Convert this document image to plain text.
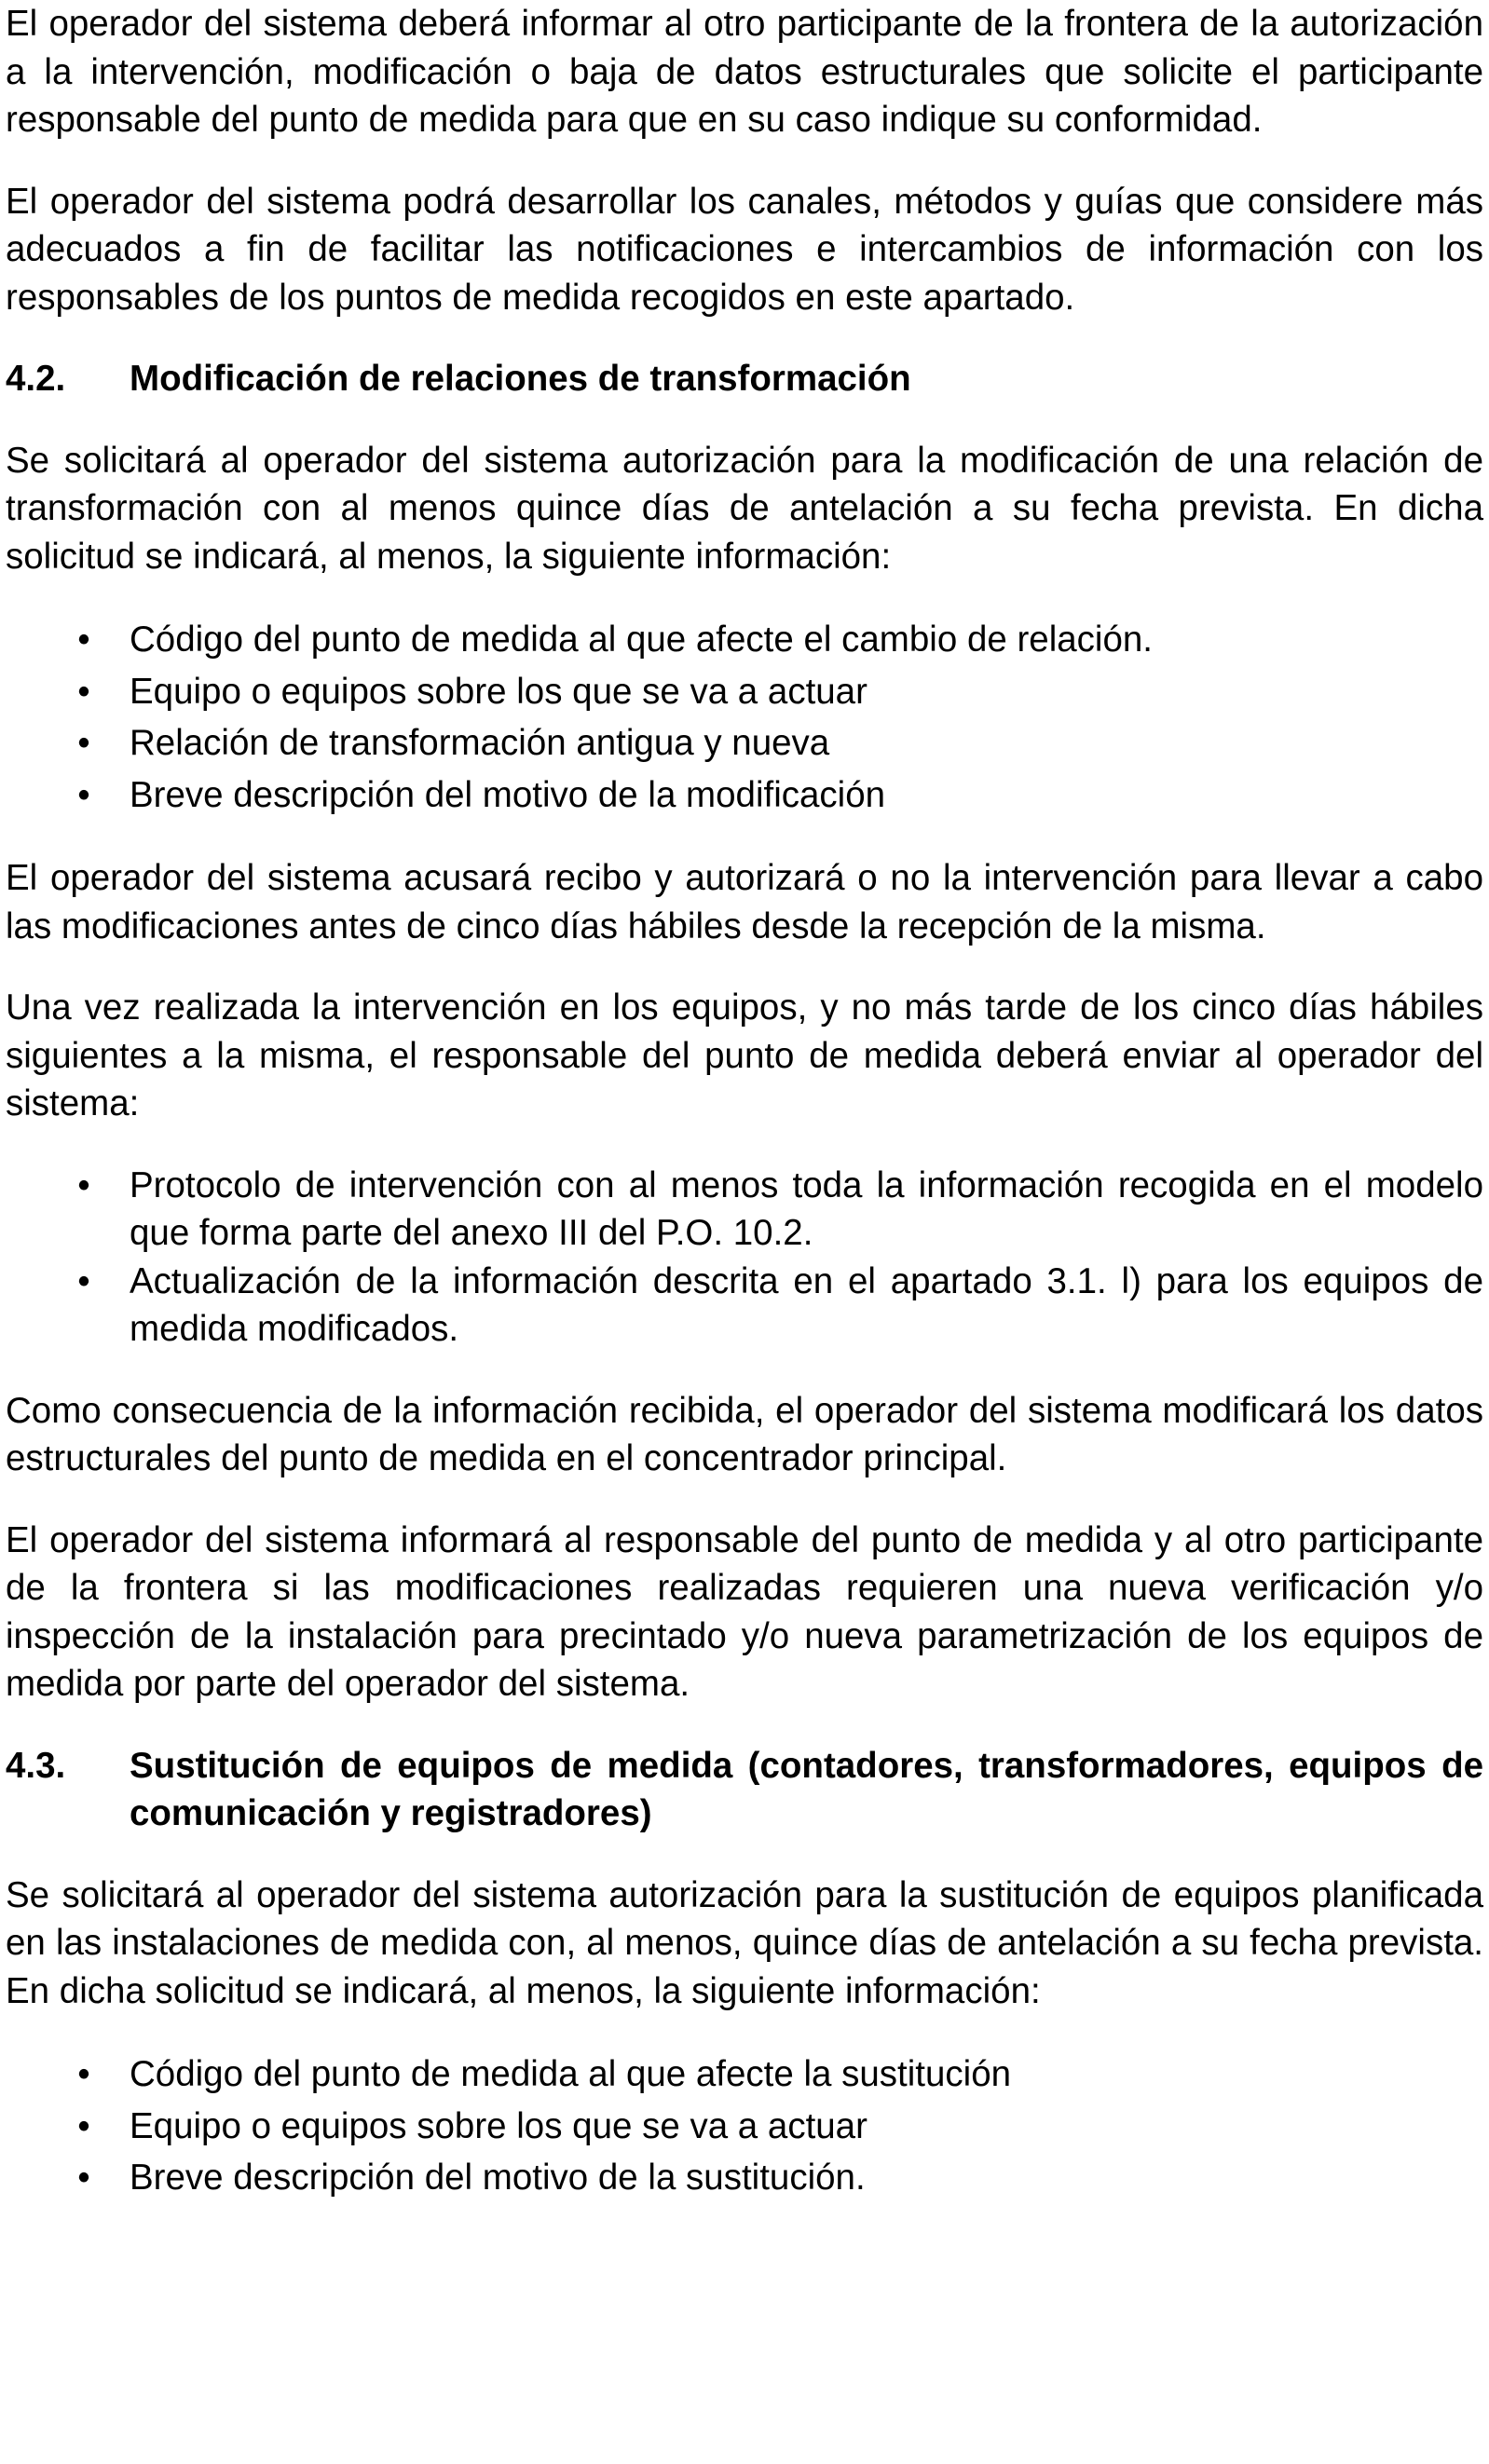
El operador del sistema deberá informar al otro participante de la frontera de la autorización a la intervención, modificación o baja de datos estructurales que solicite el participante responsable del punto de medida para que en su caso indique su conformidad.

El operador del sistema podrá desarrollar los canales, métodos y guías que considere más adecuados a fin de facilitar las notificaciones e intercambios de información con los responsables de los puntos de medida recogidos en este apartado.

4.2.	Modificación de relaciones de transformación

Se solicitará al operador del sistema autorización para la modificación de una relación de transformación con al menos quince días de antelación a su fecha prevista. En dicha solicitud se indicará, al menos, la siguiente información:

• Código del punto de medida al que afecte el cambio de relación.
• Equipo o equipos sobre los que se va a actuar
• Relación de transformación antigua y nueva
• Breve descripción del motivo de la modificación

El operador del sistema acusará recibo y autorizará o no la intervención para llevar a cabo las modificaciones antes de cinco días hábiles desde la recepción de la misma.

Una vez realizada la intervención en los equipos, y no más tarde de los cinco días hábiles siguientes a la misma, el responsable del punto de medida deberá enviar al operador del sistema:

• Protocolo de intervención con al menos toda la información recogida en el modelo que forma parte del anexo III del P.O. 10.2.
• Actualización de la información descrita en el apartado 3.1. l) para los equipos de medida modificados.

Como consecuencia de la información recibida, el operador del sistema modificará los datos estructurales del punto de medida en el concentrador principal.

El operador del sistema informará al responsable del punto de medida y al otro participante de la frontera si las modificaciones realizadas requieren una nueva verificación y/o inspección de la instalación para precintado y/o nueva parametrización de los equipos de medida por parte del operador del sistema.

4.3.	Sustitución de equipos de medida (contadores, transformadores, equipos de comunicación y registradores)

Se solicitará al operador del sistema autorización para la sustitución de equipos planificada en las instalaciones de medida con, al menos, quince días de antelación a su fecha prevista. En dicha solicitud se indicará, al menos, la siguiente información:

• Código del punto de medida al que afecte la sustitución
• Equipo o equipos sobre los que se va a actuar
• Breve descripción del motivo de la sustitución.
